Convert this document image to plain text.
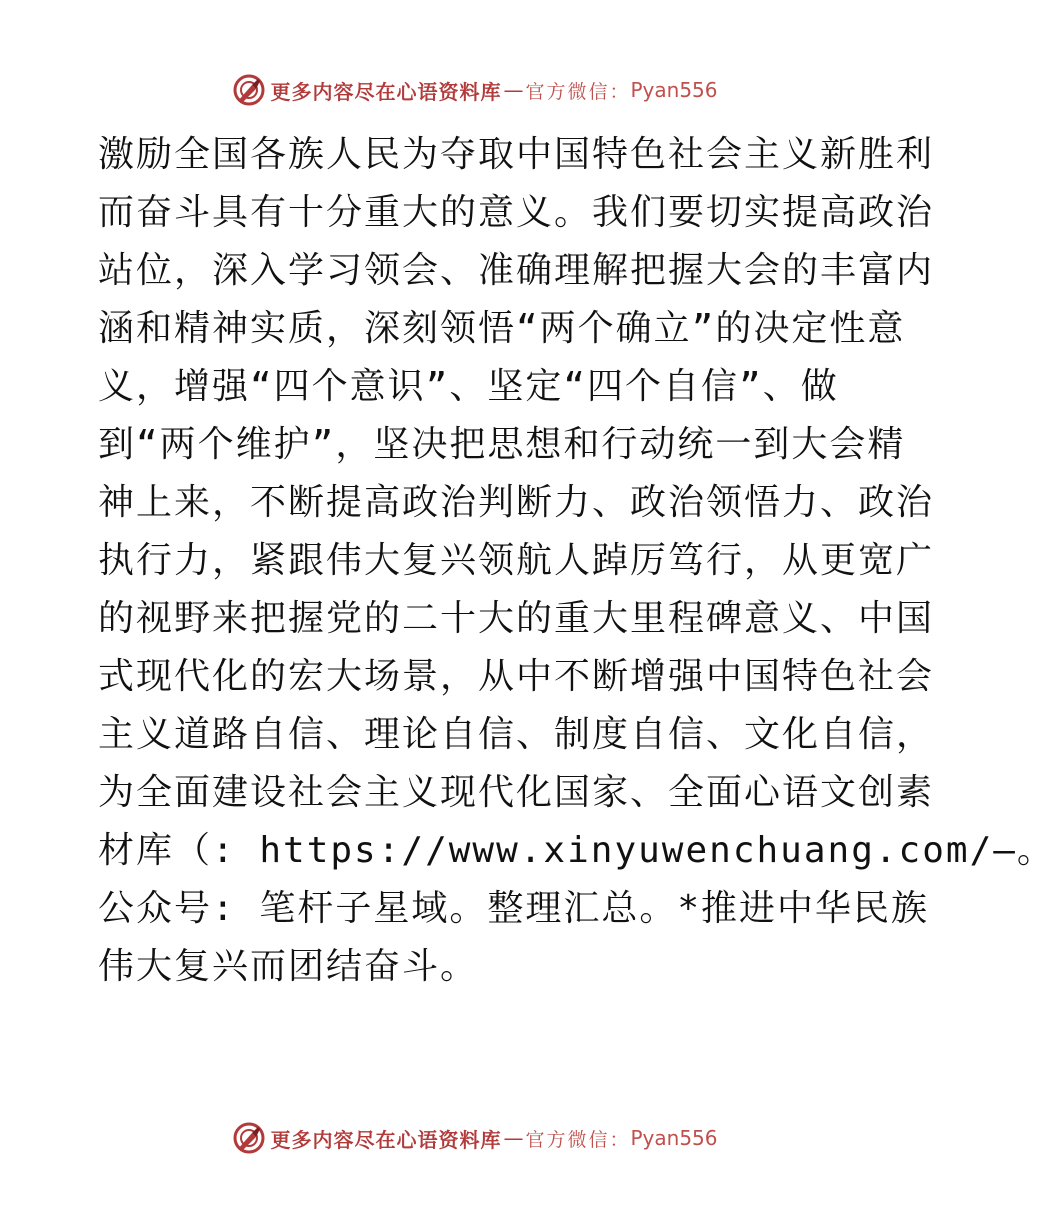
更多内容尽在心语资料库 — 官方微信： Pyan556
激励全国各族人民为夺取中国特色社会主义新胜利
而奋斗具有十分重大的意义。我们要切实提高政治
站位，深入学习领会、准确理解把握大会的丰富内
涵和精神实质，深刻领悟“两个确立”的决定性意
义，增强“四个意识”、坚定“四个自信”、做
到“两个维护”，坚决把思想和行动统一到大会精
神上来，不断提高政治判断力、政治领悟力、政治
执行力，紧跟伟大复兴领航人踔厉笃行，从更宽广
的视野来把握党的二十大的重大里程碑意义、中国
式现代化的宏大场景，从中不断增强中国特色社会
主义道路自信、理论自信、制度自信、文化自信，
为全面建设社会主义现代化国家、全面心语文创素
材库（: https://www.xinyuwenchuang.com/—。
公众号: 笔杆子星域。整理汇总。*推进中华民族
伟大复兴而团结奋斗。
更多内容尽在心语资料库 — 官方微信： Pyan556
